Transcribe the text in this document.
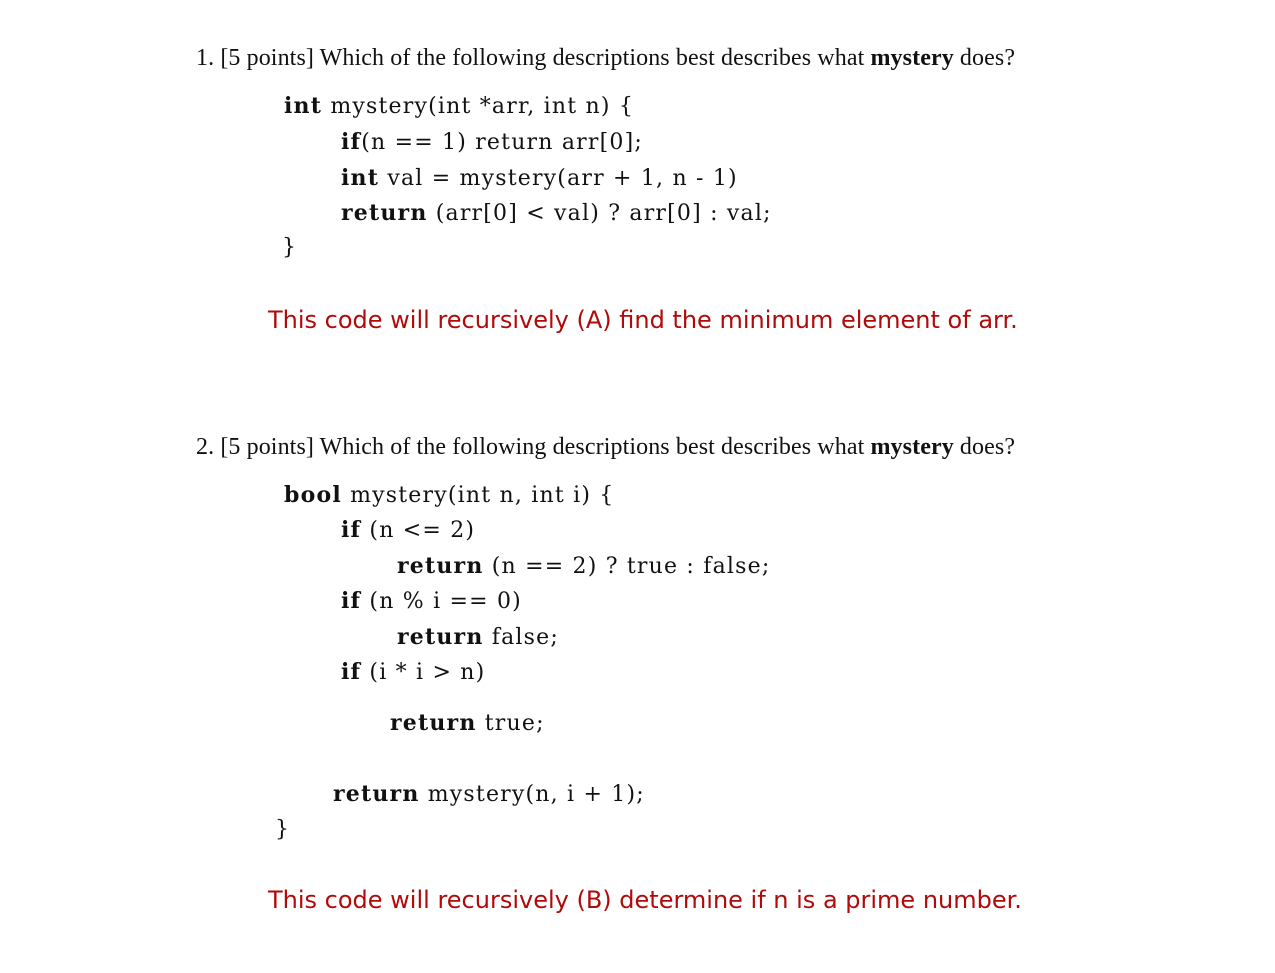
1. [5 points] Which of the following descriptions best describes what mystery does?
int mystery(int *arr, int n) {
if(n == 1) return arr[0];
int val = mystery(arr + 1, n - 1)
return (arr[0] < val) ? arr[0] : val;
}
This code will recursively (A) find the minimum element of arr.
2. [5 points] Which of the following descriptions best describes what mystery does?
bool mystery(int n, int i) {
if (n <= 2)
return (n == 2) ? true : false;
if (n % i == 0)
return false;
if (i * i > n)
return true;
return mystery(n, i + 1);
}
This code will recursively (B) determine if n is a prime number.
